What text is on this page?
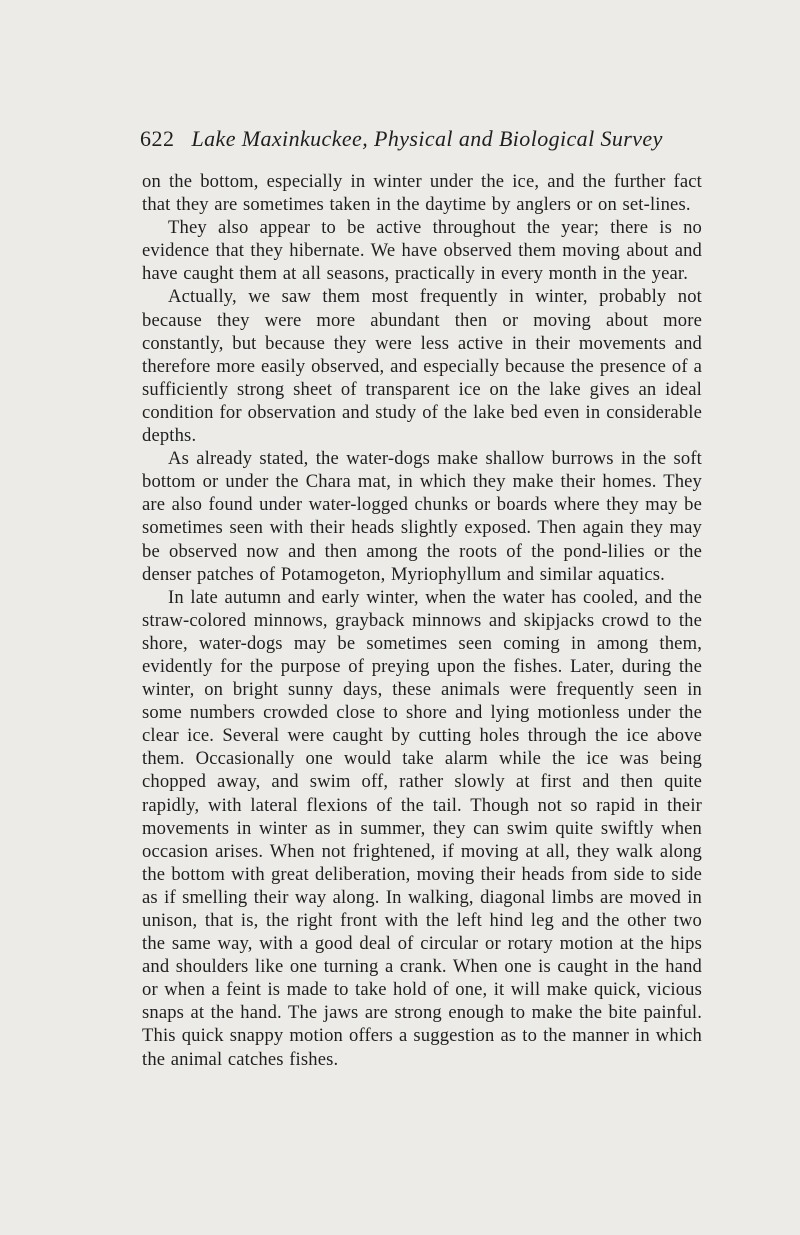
622 Lake Maxinkuckee, Physical and Biological Survey

on the bottom, especially in winter under the ice, and the further fact that they are sometimes taken in the daytime by anglers or on set-lines.

They also appear to be active throughout the year; there is no evidence that they hibernate. We have observed them moving about and have caught them at all seasons, practically in every month in the year.

Actually, we saw them most frequently in winter, probably not because they were more abundant then or moving about more constantly, but because they were less active in their movements and therefore more easily observed, and especially because the presence of a sufficiently strong sheet of transparent ice on the lake gives an ideal condition for observation and study of the lake bed even in considerable depths.

As already stated, the water-dogs make shallow burrows in the soft bottom or under the Chara mat, in which they make their homes. They are also found under water-logged chunks or boards where they may be sometimes seen with their heads slightly exposed. Then again they may be observed now and then among the roots of the pond-lilies or the denser patches of Potamogeton, Myriophyllum and similar aquatics.

In late autumn and early winter, when the water has cooled, and the straw-colored minnows, grayback minnows and skipjacks crowd to the shore, water-dogs may be sometimes seen coming in among them, evidently for the purpose of preying upon the fishes. Later, during the winter, on bright sunny days, these animals were frequently seen in some numbers crowded close to shore and lying motionless under the clear ice. Several were caught by cutting holes through the ice above them. Occasionally one would take alarm while the ice was being chopped away, and swim off, rather slowly at first and then quite rapidly, with lateral flexions of the tail. Though not so rapid in their movements in winter as in summer, they can swim quite swiftly when occasion arises. When not frightened, if moving at all, they walk along the bottom with great deliberation, moving their heads from side to side as if smelling their way along. In walking, diagonal limbs are moved in unison, that is, the right front with the left hind leg and the other two the same way, with a good deal of circular or rotary motion at the hips and shoulders like one turning a crank. When one is caught in the hand or when a feint is made to take hold of one, it will make quick, vicious snaps at the hand. The jaws are strong enough to make the bite painful. This quick snappy motion offers a suggestion as to the manner in which the animal catches fishes.
